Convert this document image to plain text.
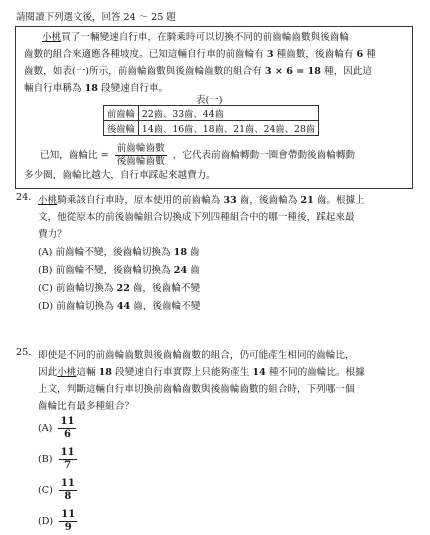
請閱讀下列選文後，回答 24 ～ 25 題
小桃買了一輛變速自行車，在騎乘時可以切換不同的前齒輪齒數與後齒輪
齒數的組合來適應各種坡度。已知這輛自行車的前齒輪有 3 種齒數，後齒輪有 6 種
齒數，如表(一)所示，前齒輪齒數與後齒輪齒數的組合有 3 × 6 = 18 種，因此這
輛自行車稱為 18 段變速自行車。
表(一)
前齒輪	22齒、33齒、44齒
後齒輪	14齒、16齒、18齒、21齒、24齒、28齒
已知，齒輪比 = $\frac{\text{前齒輪齒數}}{\text{後齒輪齒數}}$ ，它代表前齒輪轉動一圈會帶動後齒輪轉動
多少圈，齒輪比越大，自行車踩起來越費力。
24. 小桃騎乘該自行車時，原本使用的前齒輪為 33 齒，後齒輪為 21 齒。根據上
文，他從原本的前後齒輪組合切換成下列四種組合中的哪一種後，踩起來最
費力？
(A) 前齒輪不變，後齒輪切換為 18 齒
(B) 前齒輪不變，後齒輪切換為 24 齒
(C) 前齒輪切換為 22 齒，後齒輪不變
(D) 前齒輪切換為 44 齒，後齒輪不變
25. 即使是不同的前齒輪齒數與後齒輪齒數的組合，仍可能產生相同的齒輪比，
因此小桃這輛 18 段變速自行車實際上只能夠產生 14 種不同的齒輪比。根據
上文，判斷這輛自行車切換前齒輪齒數與後齒輪齒數的組合時，下列哪一個
齒輪比有最多種組合？
$(A) \frac{11}{6}$
$(B) \frac{11}{7}$
$(C) \frac{11}{8}$
$(D) \frac{11}{9}$
